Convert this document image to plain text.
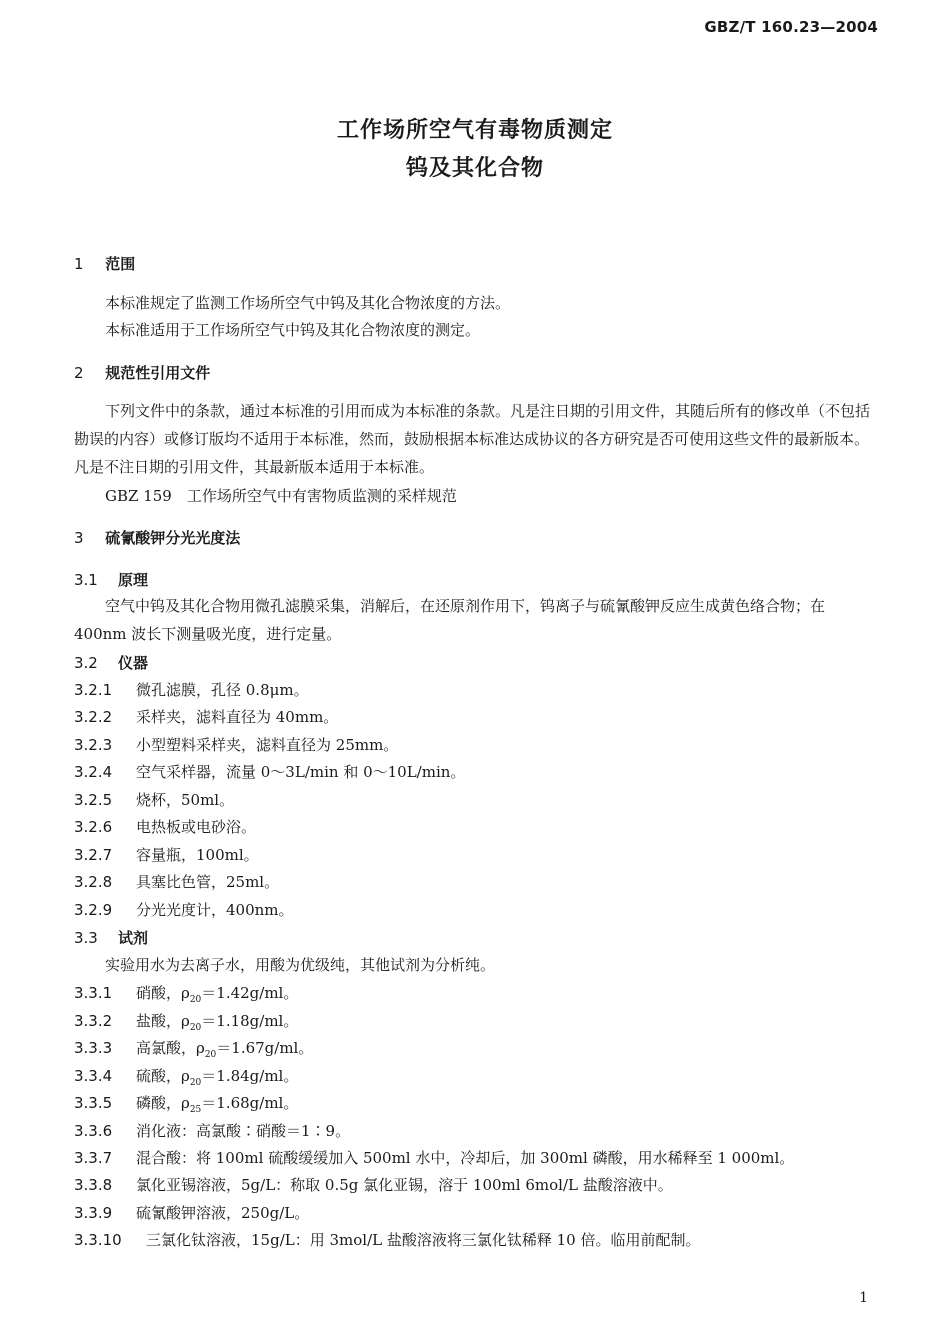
GBZ/T 160.23—2004
工作场所空气有毒物质测定
钨及其化合物
1 范围
本标准规定了监测工作场所空气中钨及其化合物浓度的方法。
本标准适用于工作场所空气中钨及其化合物浓度的测定。
2 规范性引用文件
下列文件中的条款，通过本标准的引用而成为本标准的条款。凡是注日期的引用文件，其随后所有的修改单（不包括勘误的内容）或修订版均不适用于本标准，然而，鼓励根据本标准达成协议的各方研究是否可使用这些文件的最新版本。凡是不注日期的引用文件，其最新版本适用于本标准。
GBZ 159　工作场所空气中有害物质监测的采样规范
3 硫氰酸钾分光光度法
3.1 原理
空气中钨及其化合物用微孔滤膜采集，消解后，在还原剂作用下，钨离子与硫氰酸钾反应生成黄色络合物；在 400nm 波长下测量吸光度，进行定量。
3.2 仪器
3.2.1 微孔滤膜，孔径 0.8μm。
3.2.2 采样夹，滤料直径为 40mm。
3.2.3 小型塑料采样夹，滤料直径为 25mm。
3.2.4 空气采样器，流量 0～3L/min 和 0～10L/min。
3.2.5 烧杯，50ml。
3.2.6 电热板或电砂浴。
3.2.7 容量瓶，100ml。
3.2.8 具塞比色管，25ml。
3.2.9 分光光度计，400nm。
3.3 试剂
实验用水为去离子水，用酸为优级纯，其他试剂为分析纯。
3.3.1 硝酸，$\rho_{20}=1.42g/ml$。
3.3.2 盐酸，$\rho_{20}=1.18g/ml$。
3.3.3 高氯酸，$\rho_{20}=1.67g/ml$。
3.3.4 硫酸，$\rho_{20}=1.84g/ml$。
3.3.5 磷酸，$\rho_{25}=1.68g/ml$。
3.3.6 消化液：高氯酸∶硝酸＝1∶9。
3.3.7 混合酸：将 100ml 硫酸缓缓加入 500ml 水中，冷却后，加 300ml 磷酸，用水稀释至 1 000ml。
3.3.8 氯化亚锡溶液，5g/L：称取 0.5g 氯化亚锡，溶于 100ml 6mol/L 盐酸溶液中。
3.3.9 硫氰酸钾溶液，250g/L。
3.3.10 三氯化钛溶液，15g/L：用 3mol/L 盐酸溶液将三氯化钛稀释 10 倍。临用前配制。
1
